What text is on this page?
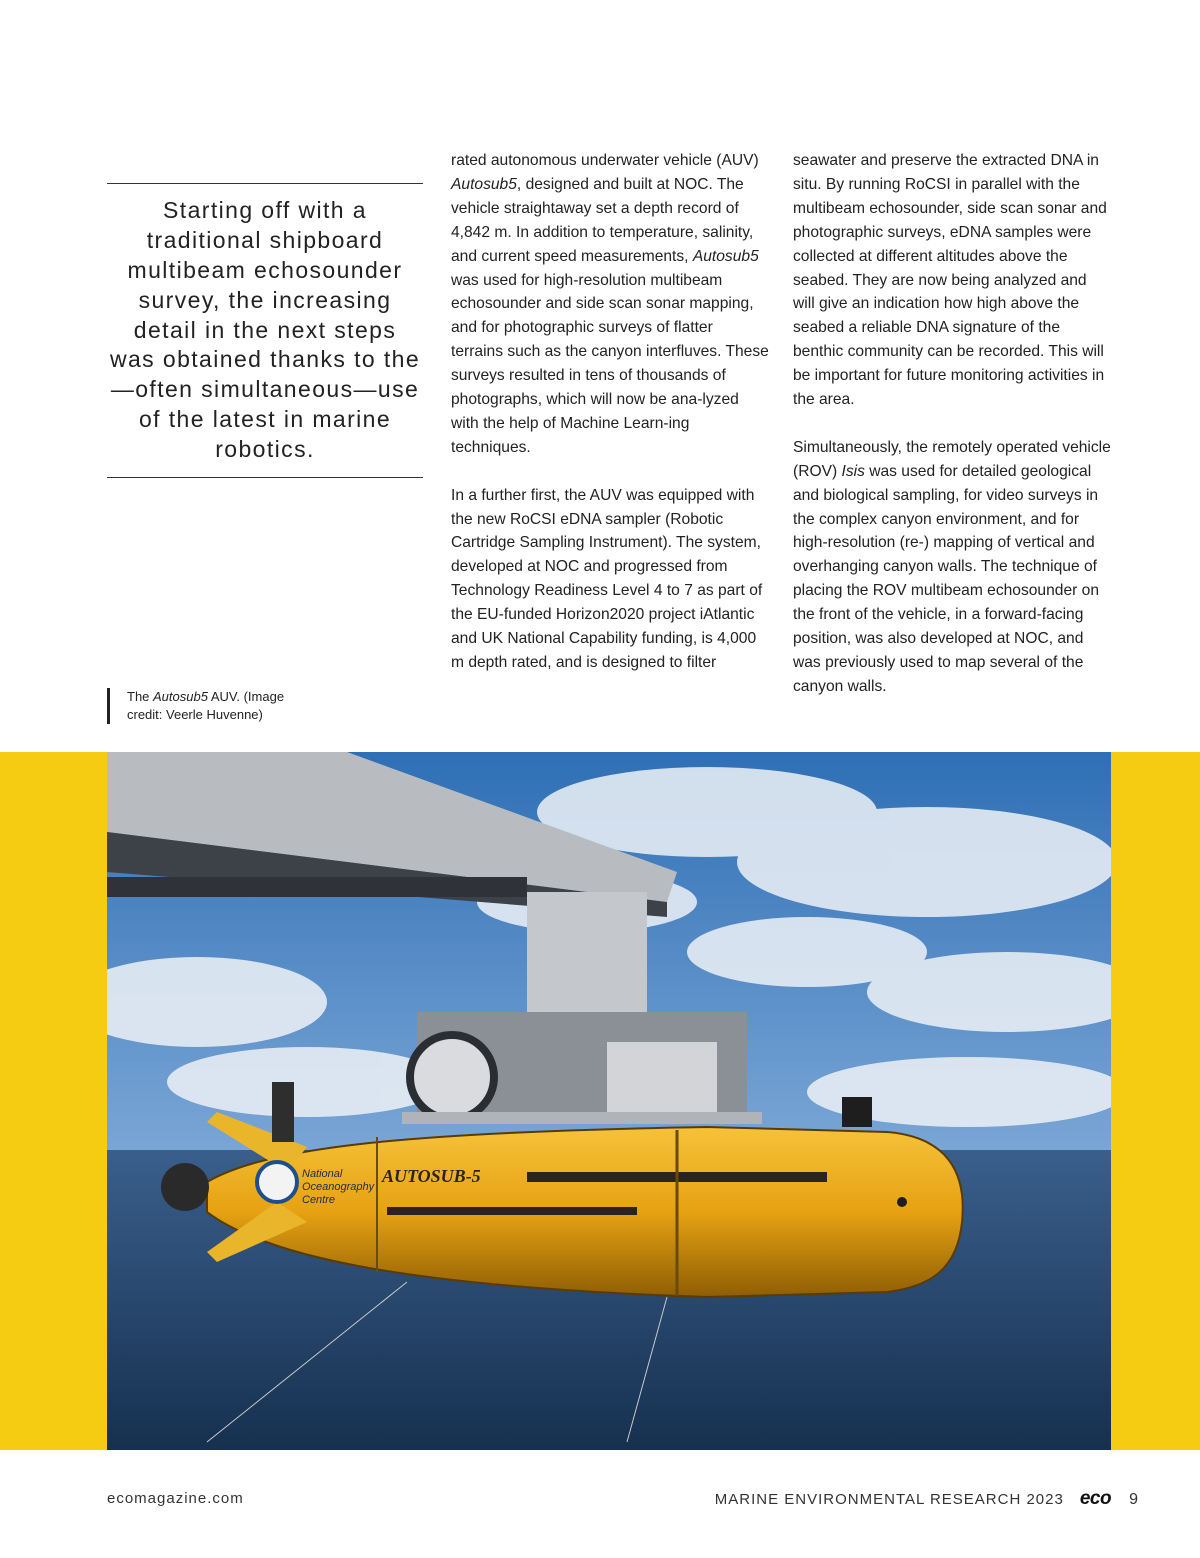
Starting off with a traditional shipboard multibeam echosounder survey, the increasing detail in the next steps was obtained thanks to the—often simultaneous—use of the latest in marine robotics.

The Autosub5 AUV. (Image credit: Veerle Huvenne)

rated autonomous underwater vehicle (AUV) Autosub5, designed and built at NOC. The vehicle straightaway set a depth record of 4,842 m. In addition to temperature, salinity, and current speed measurements, Autosub5 was used for high-resolution multibeam echosounder and side scan sonar mapping, and for photographic surveys of flatter terrains such as the canyon interfluves. These surveys resulted in tens of thousands of photographs, which will now be ana-lyzed with the help of Machine Learn-ing techniques.

In a further first, the AUV was equipped with the new RoCSI eDNA sampler (Robotic Cartridge Sampling Instrument). The system, developed at NOC and progressed from Technology Readiness Level 4 to 7 as part of the EU-funded Horizon2020 project iAtlantic and UK National Capability funding, is 4,000 m depth rated, and is designed to filter

seawater and preserve the extracted DNA in situ. By running RoCSI in parallel with the multibeam echosounder, side scan sonar and photographic surveys, eDNA samples were collected at different altitudes above the seabed. They are now being analyzed and will give an indication how high above the seabed a reliable DNA signature of the benthic community can be recorded. This will be important for future monitoring activities in the area.

Simultaneously, the remotely operated vehicle (ROV) Isis was used for detailed geological and biological sampling, for video surveys in the complex canyon environment, and for high-resolution (re-) mapping of vertical and overhanging canyon walls. The technique of placing the ROV multibeam echosounder on the front of the vehicle, in a forward-facing position, was also developed at NOC, and was previously used to map several of the canyon walls.

National
Oceanography
Centre
AUTOSUB-5
ecomagazine.com	MARINE ENVIRONMENTAL RESEARCH 2023 eco 9
